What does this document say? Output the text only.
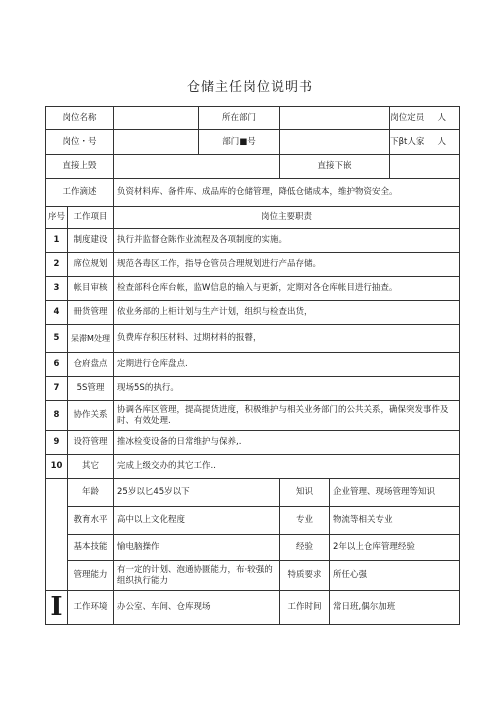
仓储主任岗位说明书
岗位名称			所在部门			岗位定员 人

岗位・号			部门■号			下βt人家 人

直接上毁				直接下嵌		
工作滴述		负资材料库、备件库、成品库的仓储管理，降低仓储成本，维护物资安全。				
序号	工作项目	岗位主要职责				
1	制度建设	执行并监督仓陈作业流程及各项制度的实施。				
2	席位规划	规范各毒区工作，指导仓管员合理规划进行产品存储。				
3	帐目审核	检查部科仓库台帐，监W信息的输入与更新，定期对各仓库帐目进行抽查。				
4	冊货管理	依业务部的上柜计划与生产计划，组织与检查出货，				
5	呆滞M处理	负费库存积压材料、过期材料的报瞽，				
6	仓府盘点	定期进行仓库盘点.				
7	5S管理	现场5S的执行。				
8	协作关系	协调各库区管理，提高提货进度，积极维护与相关业务部门的公共关系，确保突发事件及时、有效处理.				
9	设符管理	推冰检变设备的日常维护与保养,.				
10	其它	完成上级交办的其它工作..				
	年龄	25岁以匕45岁以下		知识	企业管理、现场管理等知识	
	教育水平	高中以上文化程度		专业	物流等相关专业	
	基本技能	愉电脑操作		经验	2年以上仓库管理经验	
	管理能力	有一定的计划、泡通协匮能力，布·较强的组织执行能力		特质要求	所任心强	
I	工作环境	办公室、车间、仓库现场		工作时间	常日班,偶尔加班	
